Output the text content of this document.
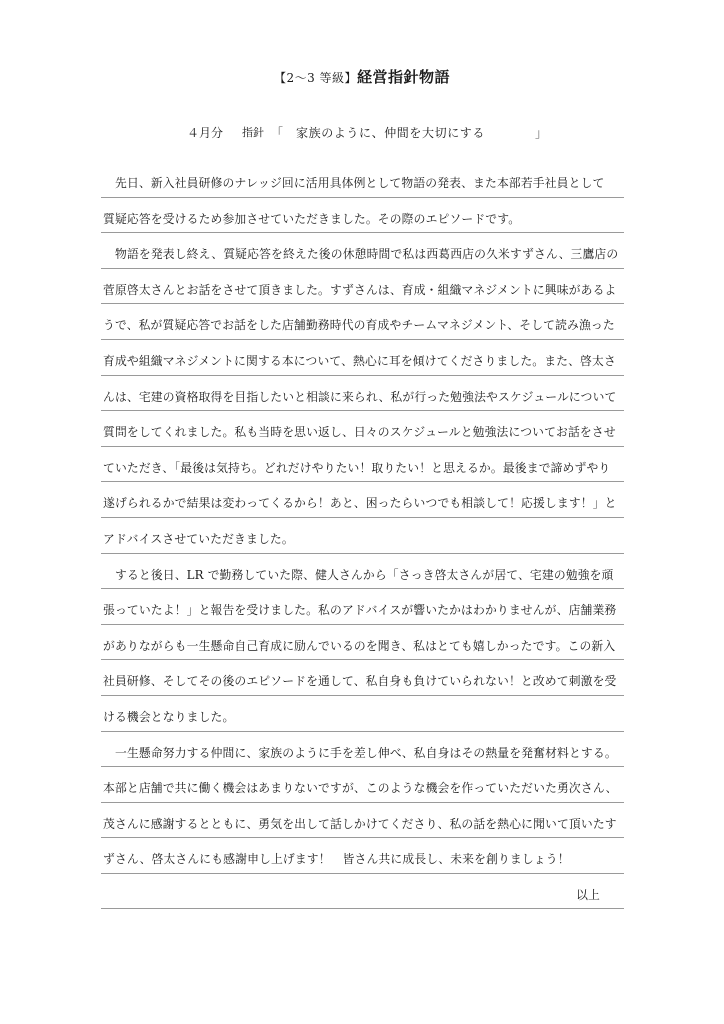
【2～3 等級】経営指針物語
４月分 指針 「 家族のように、仲間を大切にする	」
先日、新入社員研修のナレッジ回に活用具体例として物語の発表、また本部若手社員として
質疑応答を受けるため参加させていただきました。その際のエピソードです。
物語を発表し終え、質疑応答を終えた後の休憩時間で私は西葛西店の久米すずさん、三鷹店の
菅原啓太さんとお話をさせて頂きました。すずさんは、育成・組織マネジメントに興味があるよ
うで、私が質疑応答でお話をした店舗勤務時代の育成やチームマネジメント、そして読み漁った
育成や組織マネジメントに関する本について、熱心に耳を傾けてくださりました。また、啓太さ
んは、宅建の資格取得を目指したいと相談に来られ、私が行った勉強法やスケジュールについて
質問をしてくれました。私も当時を思い返し、日々のスケジュールと勉強法についてお話をさせ
ていただき、「最後は気持ち。どれだけやりたい！取りたい！と思えるか。最後まで諦めずやり
遂げられるかで結果は変わってくるから！あと、困ったらいつでも相談して！応援します！」と
アドバイスさせていただきました。
すると後日、LR で勤務していた際、健人さんから「さっき啓太さんが居て、宅建の勉強を頑
張っていたよ！」と報告を受けました。私のアドバイスが響いたかはわかりませんが、店舗業務
がありながらも一生懸命自己育成に励んでいるのを聞き、私はとても嬉しかったです。この新入
社員研修、そしてその後のエピソードを通して、私自身も負けていられない！と改めて刺激を受
ける機会となりました。
一生懸命努力する仲間に、家族のように手を差し伸べ、私自身はその熱量を発奮材料とする。
本部と店舗で共に働く機会はあまりないですが、このような機会を作っていただいた勇次さん、
茂さんに感謝するとともに、勇気を出して話しかけてくださり、私の話を熱心に聞いて頂いたす
ずさん、啓太さんにも感謝申し上げます！　皆さん共に成長し、未来を創りましょう！
以上
